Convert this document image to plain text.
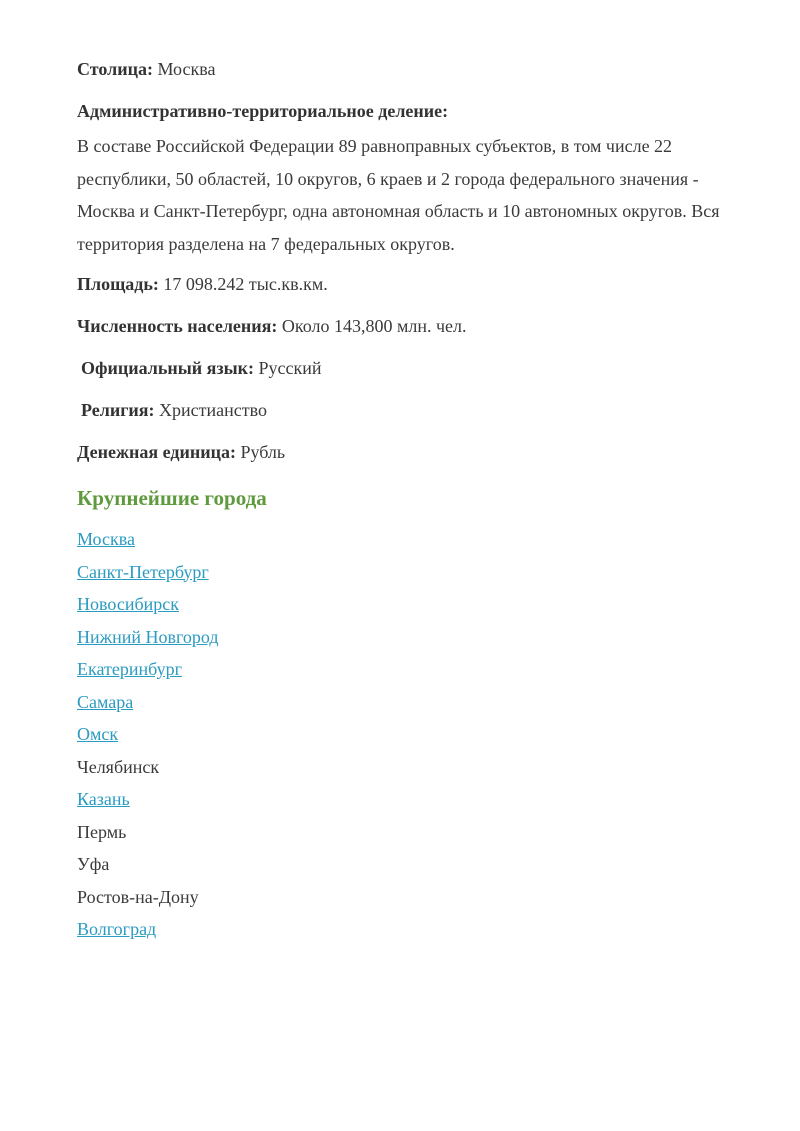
Столица: Москва

Административно-территориальное деление:

В составе Российской Федерации 89 равноправных субъектов, в том числе 22 республики, 50 областей, 10 округов, 6 краев и 2 города федерального значения - Москва и Санкт-Петербург, одна автономная область и 10 автономных округов. Вся территория разделена на 7 федеральных округов.

Площадь: 17 098.242 тыс.кв.км.

Численность населения: Около 143,800 млн. чел.

Официальный язык: Русский

Религия: Христианство

Денежная единица: Рубль

Крупнейшие города
Москва
Санкт-Петербург
Новосибирск
Нижний Новгород
Екатеринбург
Самара
Омск
Челябинск
Казань
Пермь
Уфа
Ростов-на-Дону
Волгоград
